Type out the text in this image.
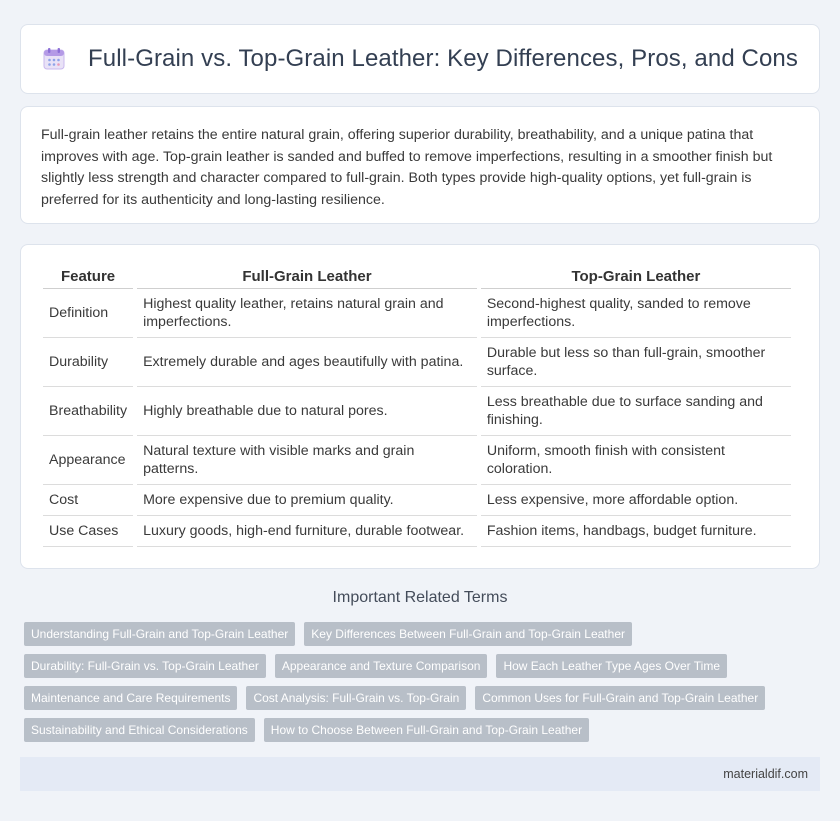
Full-Grain vs. Top-Grain Leather: Key Differences, Pros, and Cons

Full-grain leather retains the entire natural grain, offering superior durability, breathability, and a unique patina that improves with age. Top-grain leather is sanded and buffed to remove imperfections, resulting in a smoother finish but slightly less strength and character compared to full-grain. Both types provide high-quality options, yet full-grain is preferred for its authenticity and long-lasting resilience.

Feature	Full-Grain Leather	Top-Grain Leather
Definition	Highest quality leather, retains natural grain and imperfections.	Second-highest quality, sanded to remove imperfections.
Durability	Extremely durable and ages beautifully with patina.	Durable but less so than full-grain, smoother surface.
Breathability	Highly breathable due to natural pores.	Less breathable due to surface sanding and finishing.
Appearance	Natural texture with visible marks and grain patterns.	Uniform, smooth finish with consistent coloration.
Cost	More expensive due to premium quality.	Less expensive, more affordable option.
Use Cases	Luxury goods, high-end furniture, durable footwear.	Fashion items, handbags, budget furniture.
Important Related Terms
Understanding Full-Grain and Top-Grain Leather	Key Differences Between Full-Grain and Top-Grain Leather
Durability: Full-Grain vs. Top-Grain Leather	Appearance and Texture Comparison	How Each Leather Type Ages Over Time
Maintenance and Care Requirements	Cost Analysis: Full-Grain vs. Top-Grain	Common Uses for Full-Grain and Top-Grain Leather
Sustainability and Ethical Considerations	How to Choose Between Full-Grain and Top-Grain Leather
materialdif.com
